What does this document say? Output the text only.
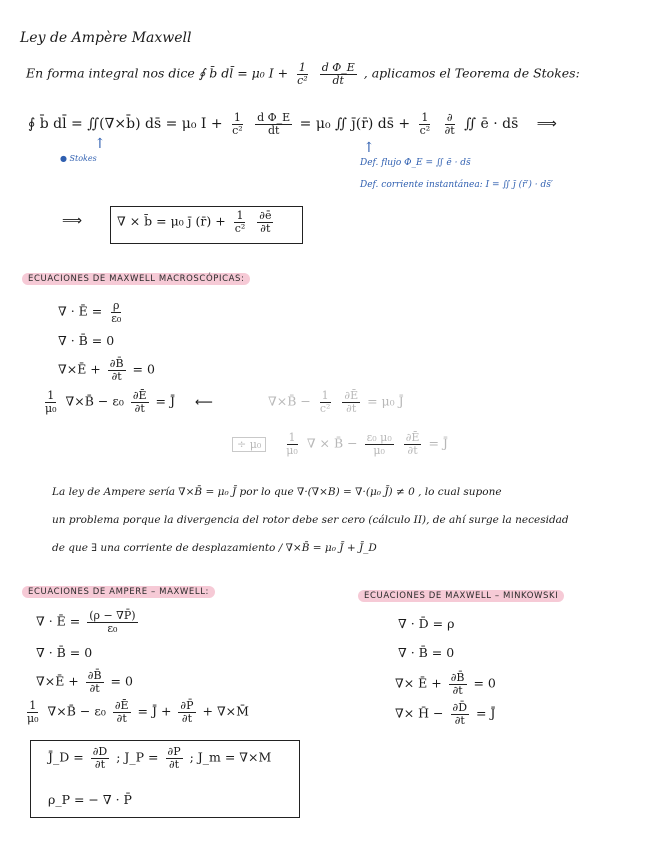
Ley de Ampère Maxwell
En forma integral nos dice ∮ b̄ dl̄ = μ₀ $I + \frac{1}{\text{c²}}$
$\frac{\text{d Φ\_E}}{dt}$ , aplicamos el Teorema de Stokes:
∮ b̄ dl̄ = ∬(∇×b̄) ds̄ = μ₀ $I + \frac{1}{\text{c²}}$
$\frac{\text{d Φ\_E}}{dt} = \mu_0$ ∬ j̄(r̄) ds̄ + $\frac{1}{\text{c²}}$
$\frac{\partial}{\partial t}$ ∬ ē · ds̄ ⟹
↑
● Stokes
↑
Def. flujo Φ_E = ∬ ē · ds̄
Def. corriente instantánea: I = ∬ j̄ (r̄′) · ds̄′
⟹	∇ × b̄ = μ₀ j̄ (r̄) + $\frac{1}{\text{c²}}$
$\frac{\partial ē}{\partial t}$
ECUACIONES DE MAXWELL MACROSCÓPICAS:
∇ · Ē = $\frac{\rho}{\text{ε₀}}$
∇ · B̄ = 0
∇×Ē + $\frac{\partial B̄}{\partial t} = 0$
$\frac{1}{\text{μ₀}}$ ∇×B̄ − $\varepsilon_0 \frac{\partial Ē}{\partial t}$ = J̄ ⟵	∇×B̄ − $\frac{1}{\text{c²}}$
$\frac{\partial Ē}{\partial t} = \mu_0$ J̄
÷ $\mu_0 \frac{1}{\text{μ₀}}$ ∇ × B̄ − $\frac{\text{ε₀ μ₀}}{\text{μ₀}}$
$\frac{\partial Ē}{\partial t}$ = J̄
La ley de Ampere sería ∇×B̄ = μ₀ J̄ por lo que ∇·(∇×B) = ∇·(μ₀ J̄) ≠ 0 , lo cual supone
un problema porque la divergencia del rotor debe ser cero (cálculo II), de ahí surge la necesidad
de que ∃ una corriente de desplazamiento / ∇×B̄ = μ₀ J̄ + J̄_D
ECUACIONES DE AMPERE – MAXWELL:
∇ · Ē = $\frac{(\rho - \nabla P̄)}{\text{ε₀}}$
∇ · B̄ = 0
∇×Ē + $\frac{\partial B̄}{\partial t} = 0$
$\frac{1}{\text{μ₀}}$ ∇×B̄ − $\varepsilon_0 \frac{\partial Ē}{\partial t}$ = J̄ + $\frac{\partial P̄}{\partial t}$ + ∇×M̄
J̄_D = $\frac{\partial D}{\partial t}$ ; J_P = $\frac{\partial P}{\partial t}$ ; J_m = ∇×M
ρ_P = − ∇ · P̄
ECUACIONES DE MAXWELL – MINKOWSKI
∇ · D̄ = ρ
∇ · B̄ = 0
∇× Ē + $\frac{\partial B̄}{\partial t} = 0$
∇× H̄ − $\frac{\partial D̄}{\partial t}$ = J̄
